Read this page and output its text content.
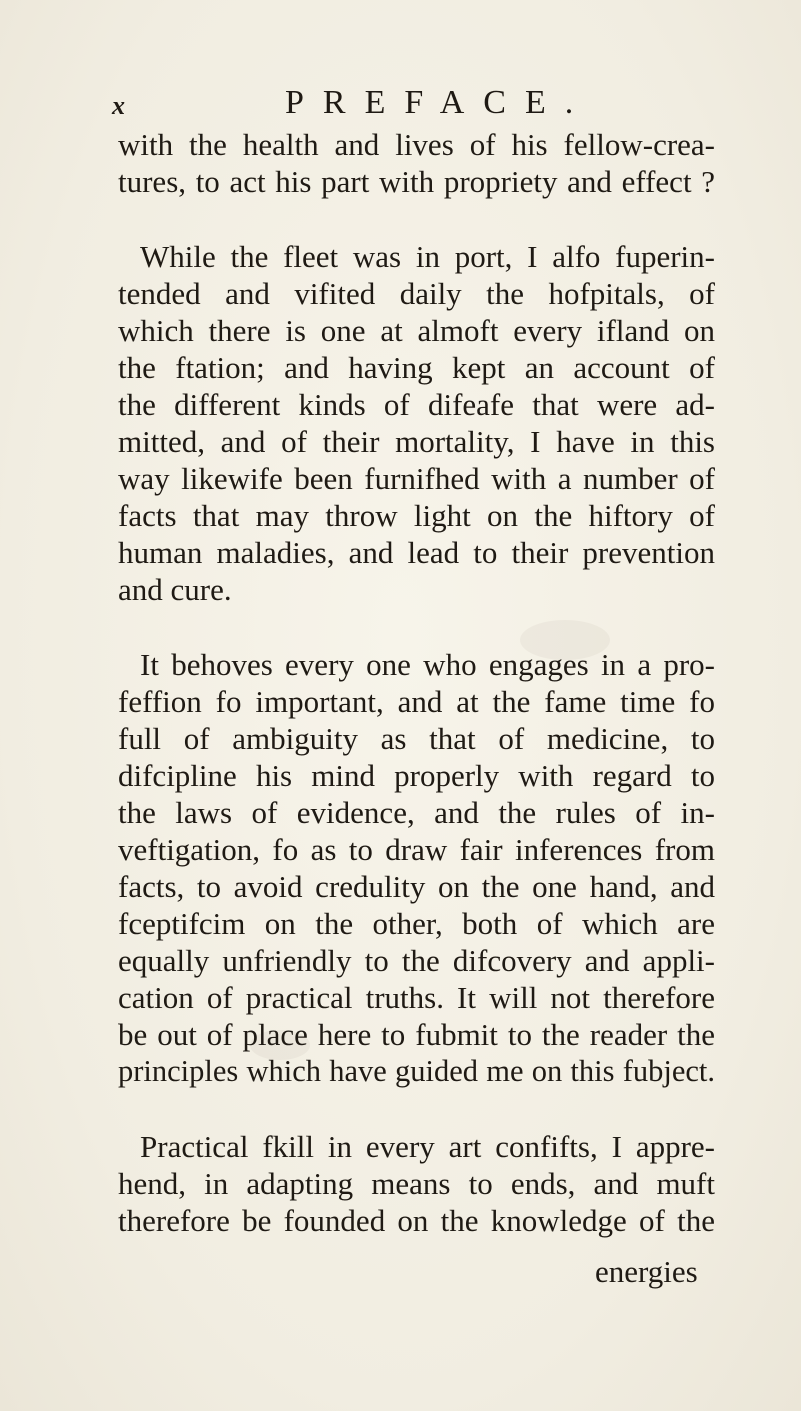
x	PREFACE.

with the health and lives of his fellow-crea-
tures, to act his part with propriety and effect ?

While the fleet was in port, I alfo fuperin-
tended and vifited daily the hofpitals, of
which there is one at almoft every ifland on
the ftation; and having kept an account of
the different kinds of difeafe that were ad-
mitted, and of their mortality, I have in this
way likewife been furnifhed with a number of
facts that may throw light on the hiftory of
human maladies, and lead to their prevention
and cure.

It behoves every one who engages in a pro-
feffion fo important, and at the fame time fo
full of ambiguity as that of medicine, to
difcipline his mind properly with regard to
the laws of evidence, and the rules of in-
veftigation, fo as to draw fair inferences from
facts, to avoid credulity on the one hand, and
fceptifcim on the other, both of which are
equally unfriendly to the difcovery and appli-
cation of practical truths. It will not therefore
be out of place here to fubmit to the reader the
principles which have guided me on this fubject.

Practical fkill in every art confifts, I appre-
hend, in adapting means to ends, and muft
therefore be founded on the knowledge of the

energies
